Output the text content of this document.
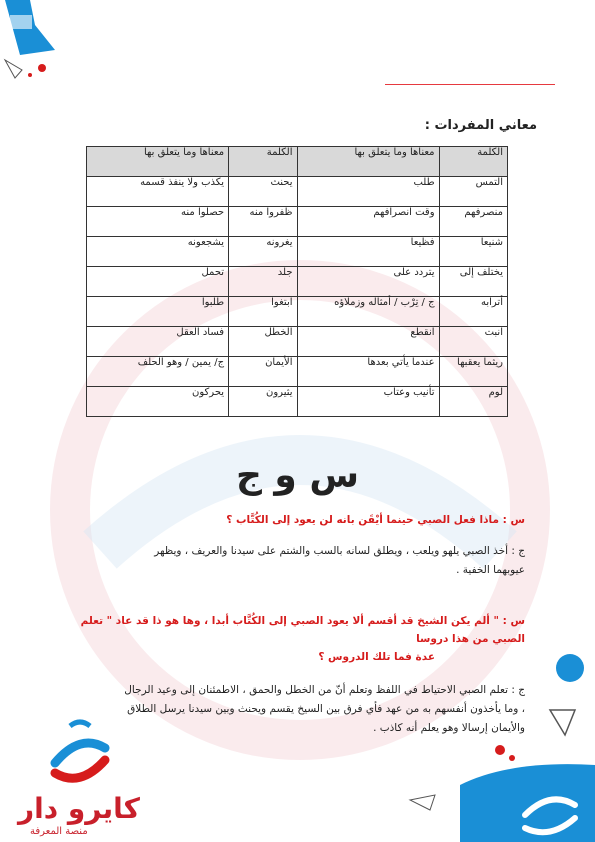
معاني المفردات :
الكلمة	معناها وما يتعلق بها	الكلمة	معناها وما يتعلق بها
التمس	طلب	يحنث	يكذب ولا ينفذ قسمه
منصرفهم	وقت انصرافهم	ظفروا منه	حصلوا منه
شنيعا	فظيعا	يغرونه	يشجعونه
يختلف إلى	يتردد على	جلد	تحمل
أترابه	ج / تِرْب / أمثاله وزملاؤه	ابتغوا	طلبوا
انبت	انقطع	الخطل	فساد العقل
ريثما يعقبها	عندما يأتي بعدها	الأيمان	ج/ يمين / وهو الحلف
لوم	تأنيب وعتاب	يثيرون	يحركون
س و ج
س : ماذا فعل الصبي حينما أيْقَن بانه لن يعود إلى الكُتَّاب ؟
ج : أخذ الصبي يلهو ويلعب ، ويطلق لسانه بالسب والشتم على سيدنا والعريف ، ويظهر
عيوبهما الخفية .
س : " ألم يكن الشيخ قد أقسم ألا يعود الصبي إلى الكُتَّاب أبدا ، وها هو ذا قد عاد " تعلم
الصبي من هذا دروسا
عدة فما تلك الدروس ؟
ج : تعلم الصبي الاحتياط في اللفظ وتعلم أنّ من الخطل والحمق ، الاطمئنان إلى وعيد الرجال
، وما يأخذون أنفسهم به من عهد فأي فرق بين السيخ يقسم ويحنث وبين سيدنا يرسل الطلاق
والأيمان إرسالا وهو يعلم أنه كاذب .
كايرو دار
منصة المعرفة
